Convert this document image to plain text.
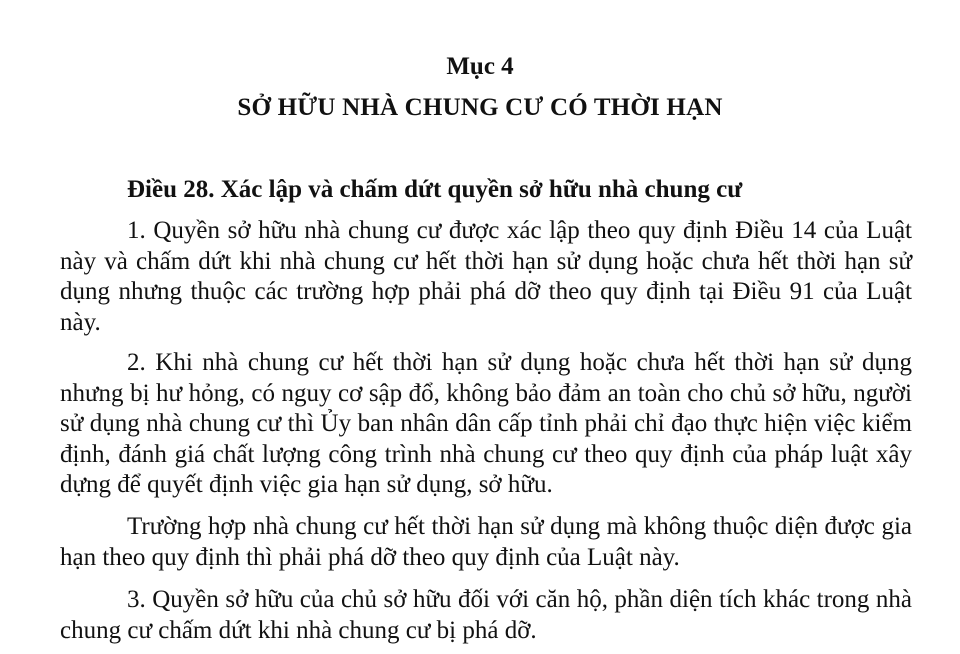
Mục 4

SỞ HỮU NHÀ CHUNG CƯ CÓ THỜI HẠN

Điều 28. Xác lập và chấm dứt quyền sở hữu nhà chung cư

1. Quyền sở hữu nhà chung cư được xác lập theo quy định Điều 14 của Luật này và chấm dứt khi nhà chung cư hết thời hạn sử dụng hoặc chưa hết thời hạn sử dụng nhưng thuộc các trường hợp phải phá dỡ theo quy định tại Điều 91 của Luật này.

2. Khi nhà chung cư hết thời hạn sử dụng hoặc chưa hết thời hạn sử dụng nhưng bị hư hỏng, có nguy cơ sập đổ, không bảo đảm an toàn cho chủ sở hữu, người sử dụng nhà chung cư thì Ủy ban nhân dân cấp tỉnh phải chỉ đạo thực hiện việc kiểm định, đánh giá chất lượng công trình nhà chung cư theo quy định của pháp luật xây dựng để quyết định việc gia hạn sử dụng, sở hữu.

Trường hợp nhà chung cư hết thời hạn sử dụng mà không thuộc diện được gia hạn theo quy định thì phải phá dỡ theo quy định của Luật này.

3. Quyền sở hữu của chủ sở hữu đối với căn hộ, phần diện tích khác trong nhà chung cư chấm dứt khi nhà chung cư bị phá dỡ.
